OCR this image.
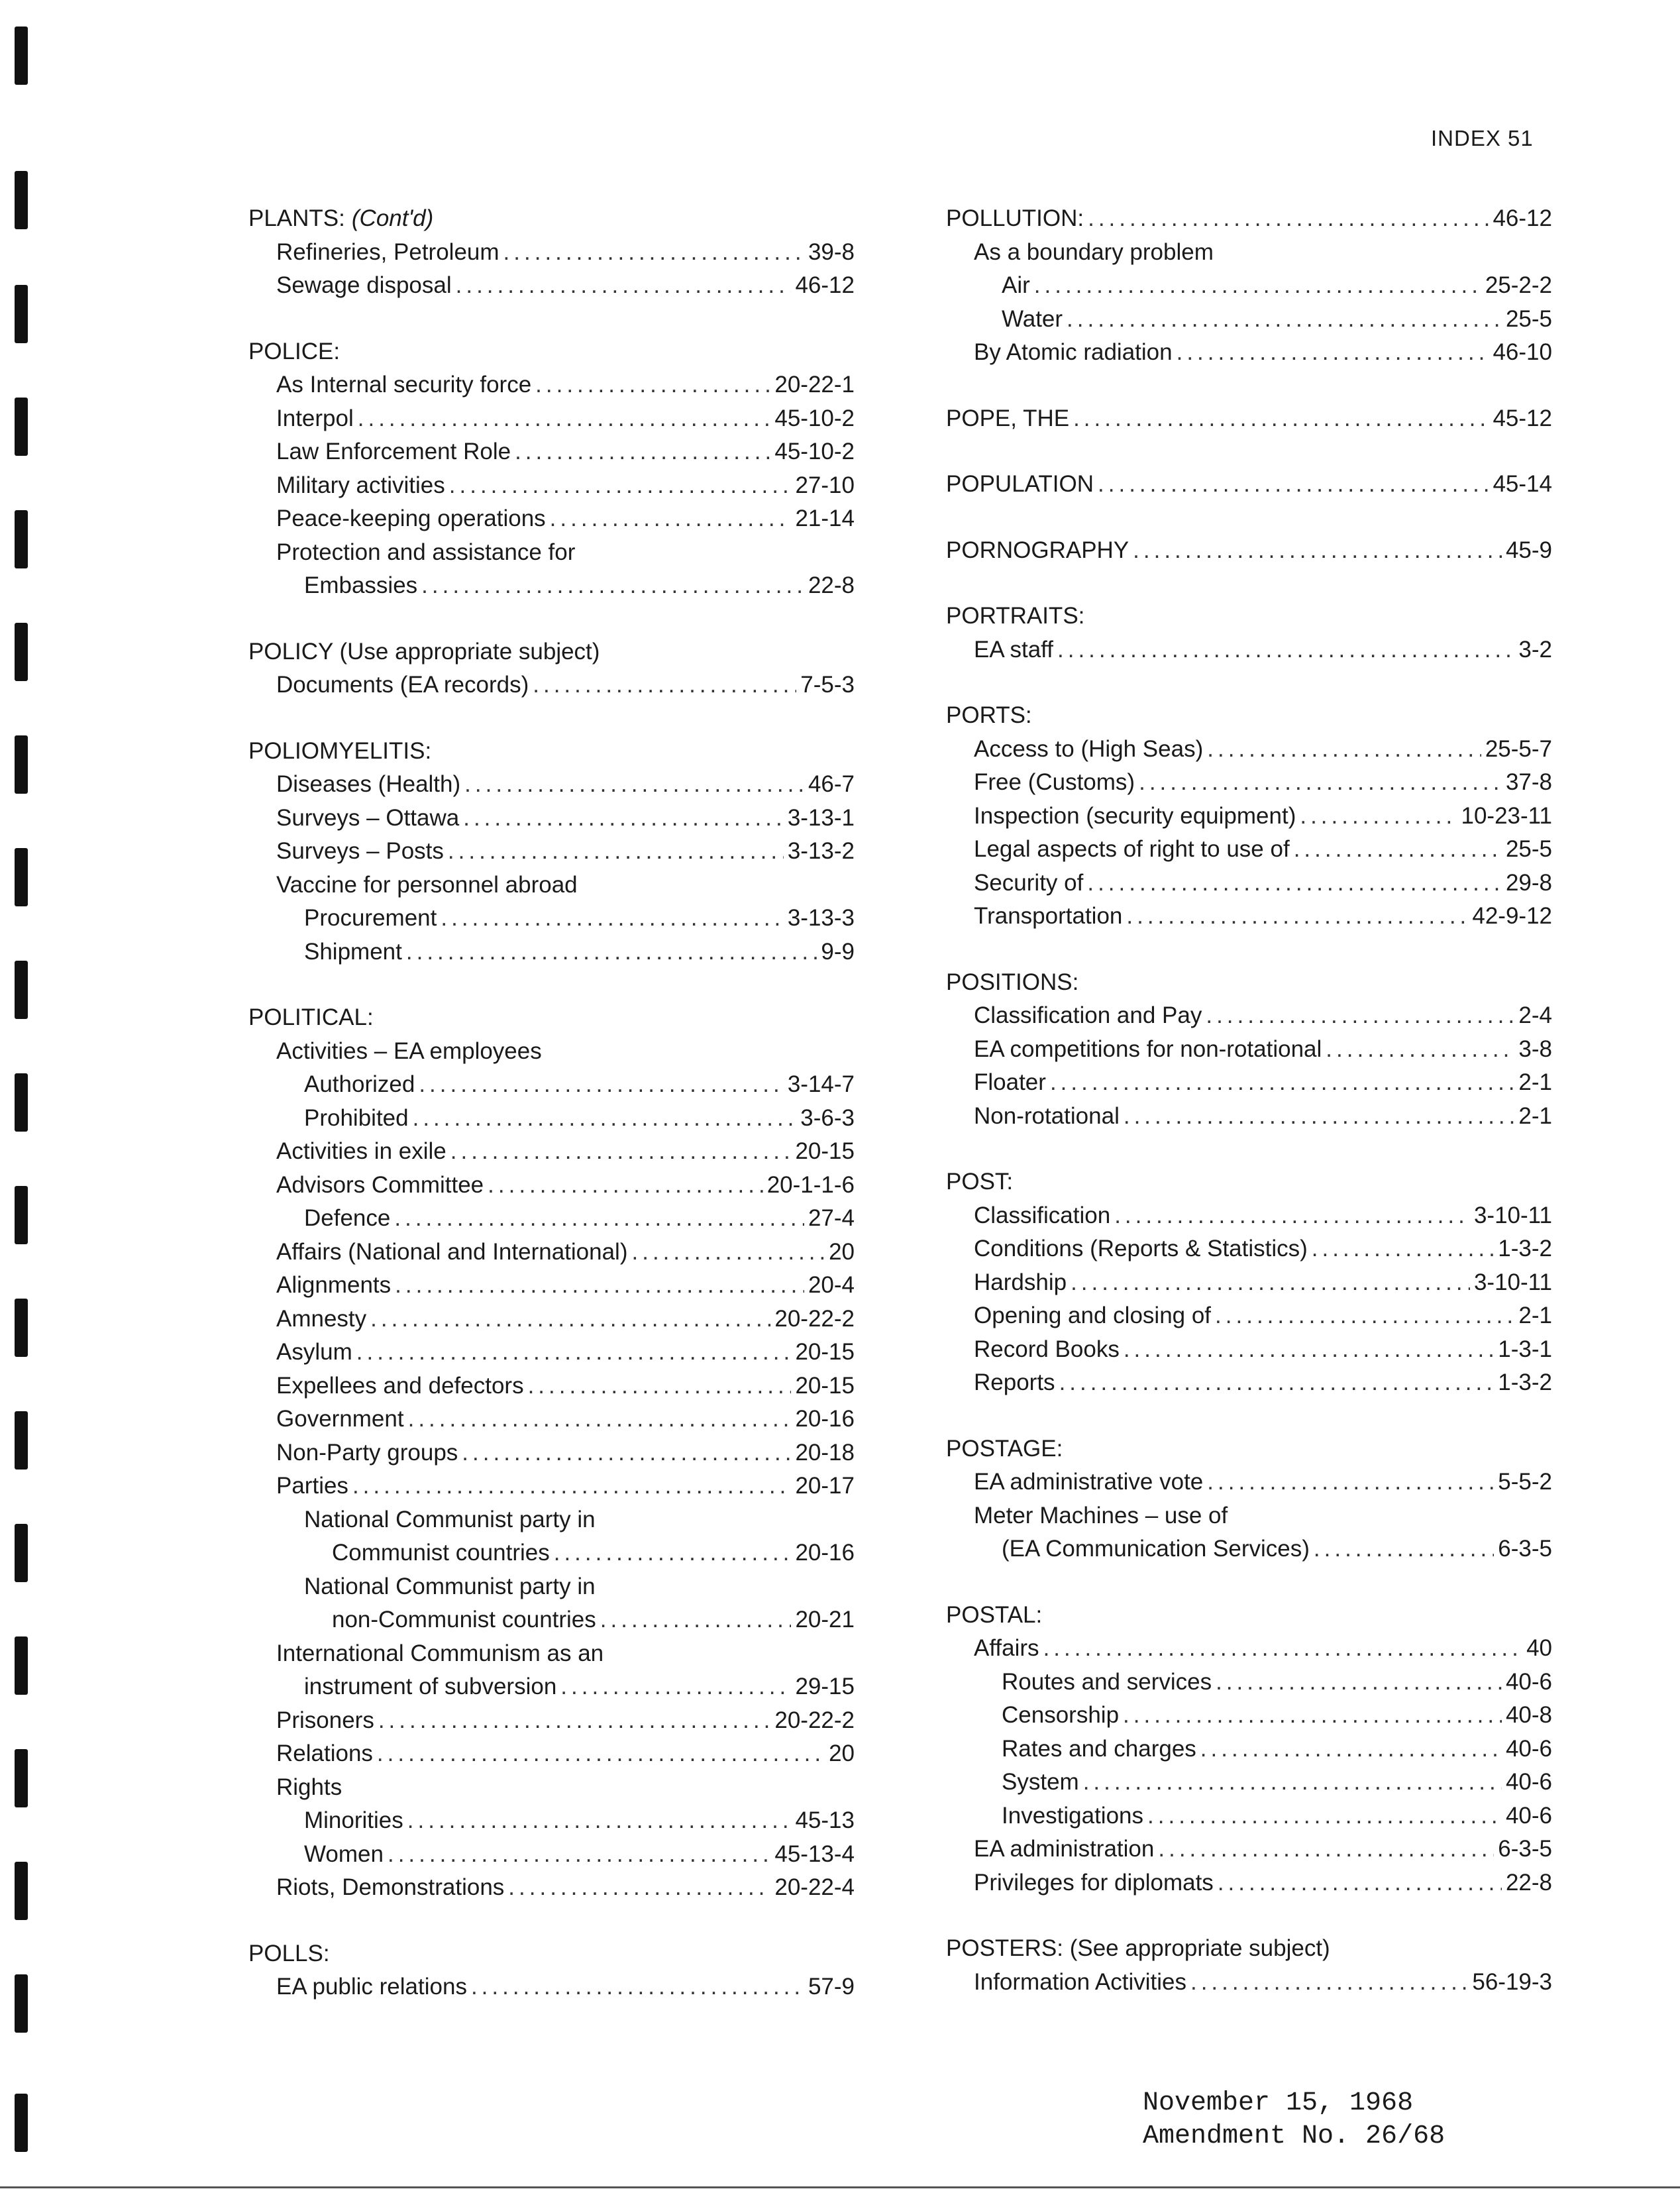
INDEX 51
PLANTS: (Cont'd)
Refineries, Petroleum .....	39-8
Sewage disposal .....	46-12
POLICE:
As Internal security force .....	20-22-1
Interpol .....	45-10-2
Law Enforcement Role .....	45-10-2
Military activities .....	27-10
Peace-keeping operations .....	21-14
Protection and assistance for
Embassies .....	22-8
POLICY (Use appropriate subject)
Documents (EA records) .....	7-5-3
POLIOMYELITIS:
Diseases (Health) .....	46-7
Surveys – Ottawa .....	3-13-1
Surveys – Posts .....	3-13-2
Vaccine for personnel abroad
Procurement .....	3-13-3
Shipment .....	9-9
POLITICAL:
Activities – EA employees
Authorized .....	3-14-7
Prohibited .....	3-6-3
Activities in exile .....	20-15
Advisors Committee .....	20-1-1-6
Defence .....	27-4
Affairs (National and International) .....	20
Alignments .....	20-4
Amnesty .....	20-22-2
Asylum .....	20-15
Expellees and defectors .....	20-15
Government .....	20-16
Non-Party groups .....	20-18
Parties .....	20-17
National Communist party in
Communist countries .....	20-16
National Communist party in
non-Communist countries .....	20-21
International Communism as an
instrument of subversion .....	29-15
Prisoners .....	20-22-2
Relations .....	20
Rights
Minorities .....	45-13
Women .....	45-13-4
Riots, Demonstrations .....	20-22-4
POLLS:
EA public relations .....	57-9
POLLUTION: .....	46-12
As a boundary problem
Air .....	25-2-2
Water .....	25-5
By Atomic radiation .....	46-10
POPE, THE .....	45-12
POPULATION .....	45-14
PORNOGRAPHY .....	45-9
PORTRAITS:
EA staff .....	3-2
PORTS:
Access to (High Seas) .....	25-5-7
Free (Customs) .....	37-8
Inspection (security equipment) .....	10-23-11
Legal aspects of right to use of .....	25-5
Security of .....	29-8
Transportation .....	42-9-12
POSITIONS:
Classification and Pay .....	2-4
EA competitions for non-rotational .....	3-8
Floater .....	2-1
Non-rotational .....	2-1
POST:
Classification .....	3-10-11
Conditions (Reports & Statistics) .....	1-3-2
Hardship .....	3-10-11
Opening and closing of .....	2-1
Record Books .....	1-3-1
Reports .....	1-3-2
POSTAGE:
EA administrative vote .....	5-5-2
Meter Machines – use of
(EA Communication Services) .....	6-3-5
POSTAL:
Affairs .....	40
Routes and services .....	40-6
Censorship .....	40-8
Rates and charges .....	40-6
System .....	40-6
Investigations .....	40-6
EA administration .....	6-3-5
Privileges for diplomats .....	22-8
POSTERS: (See appropriate subject)
Information Activities .....	56-19-3
November 15, 1968
Amendment No. 26/68
